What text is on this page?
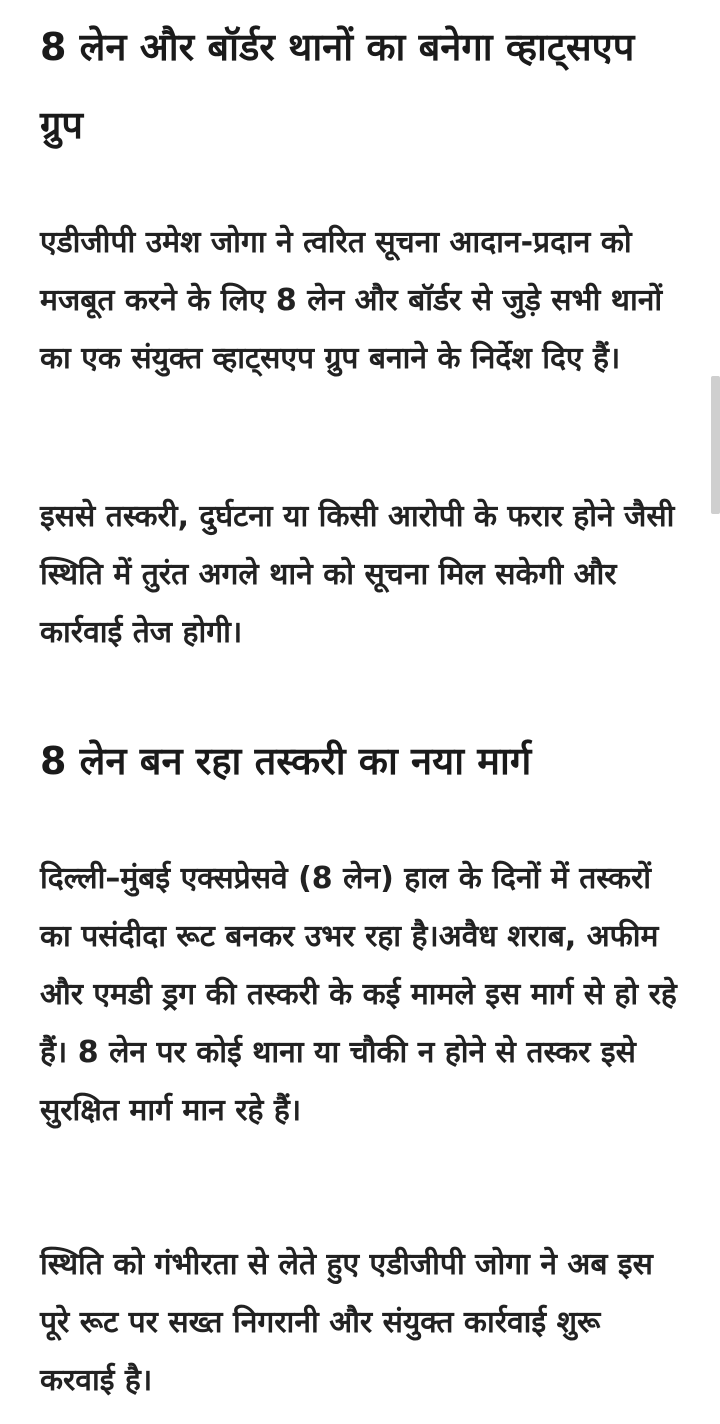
8 लेन और बॉर्डर थानों का बनेगा व्हाट्सएप ग्रुप

एडीजीपी उमेश जोगा ने त्वरित सूचना आदान-प्रदान को मजबूत करने के लिए 8 लेन और बॉर्डर से जुड़े सभी थानों का एक संयुक्त व्हाट्सएप ग्रुप बनाने के निर्देश दिए हैं।

इससे तस्करी, दुर्घटना या किसी आरोपी के फरार होने जैसी स्थिति में तुरंत अगले थाने को सूचना मिल सकेगी और कार्रवाई तेज होगी।

8 लेन बन रहा तस्करी का नया मार्ग

दिल्ली–मुंबई एक्सप्रेसवे (8 लेन) हाल के दिनों में तस्करों का पसंदीदा रूट बनकर उभर रहा है।अवैध शराब, अफीम और एमडी ड्रग की तस्करी के कई मामले इस मार्ग से हो रहे हैं। 8 लेन पर कोई थाना या चौकी न होने से तस्कर इसे सुरक्षित मार्ग मान रहे हैं।

स्थिति को गंभीरता से लेते हुए एडीजीपी जोगा ने अब इस पूरे रूट पर सख्त निगरानी और संयुक्त कार्रवाई शुरू करवाई है।
